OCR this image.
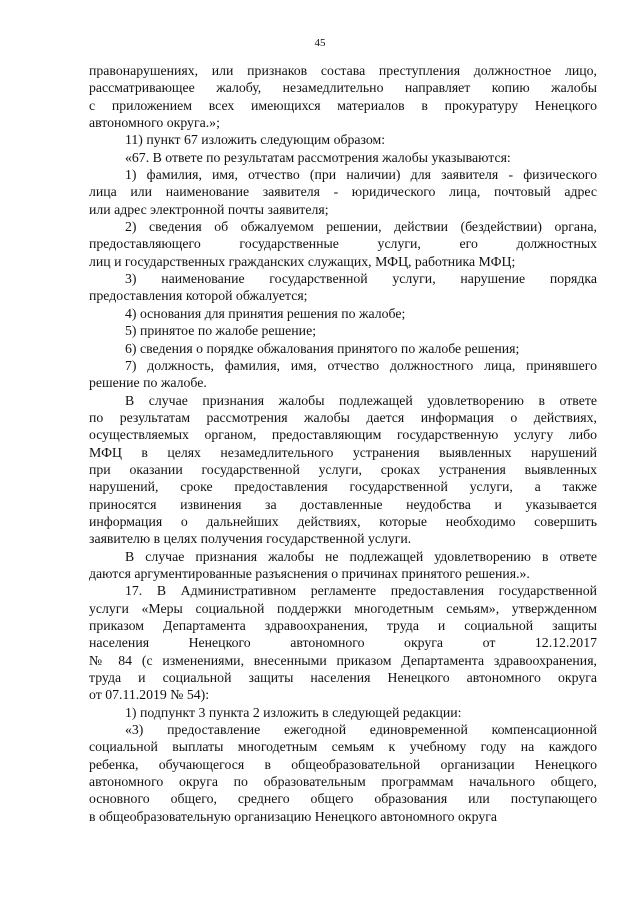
45
правонарушениях, или признаков состава преступления должностное лицо,
рассматривающее жалобу, незамедлительно направляет копию жалобы
с приложением всех имеющихся материалов в прокуратуру Ненецкого
автономного округа.»;
11) пункт 67 изложить следующим образом:
«67. В ответе по результатам рассмотрения жалобы указываются:
1) фамилия, имя, отчество (при наличии) для заявителя - физического
лица или наименование заявителя - юридического лица, почтовый адрес
или адрес электронной почты заявителя;
2) сведения об обжалуемом решении, действии (бездействии) органа,
предоставляющего государственные услуги, его должностных
лиц и государственных гражданских служащих, МФЦ, работника МФЦ;
3) наименование государственной услуги, нарушение порядка
предоставления которой обжалуется;
4) основания для принятия решения по жалобе;
5) принятое по жалобе решение;
6) сведения о порядке обжалования принятого по жалобе решения;
7) должность, фамилия, имя, отчество должностного лица, принявшего
решение по жалобе.
В случае признания жалобы подлежащей удовлетворению в ответе
по результатам рассмотрения жалобы дается информация о действиях,
осуществляемых органом, предоставляющим государственную услугу либо
МФЦ в целях незамедлительного устранения выявленных нарушений
при оказании государственной услуги, сроках устранения выявленных
нарушений, сроке предоставления государственной услуги, а также
приносятся извинения за доставленные неудобства и указывается
информация о дальнейших действиях, которые необходимо совершить
заявителю в целях получения государственной услуги.
В случае признания жалобы не подлежащей удовлетворению в ответе
даются аргументированные разъяснения о причинах принятого решения.».
17. В Административном регламенте предоставления государственной
услуги «Меры социальной поддержки многодетным семьям», утвержденном
приказом Департамента здравоохранения, труда и социальной защиты
населения Ненецкого автономного округа от 12.12.2017
№ 84 (с изменениями, внесенными приказом Департамента здравоохранения,
труда и социальной защиты населения Ненецкого автономного округа
от 07.11.2019 № 54):
1) подпункт 3 пункта 2 изложить в следующей редакции:
«3) предоставление ежегодной единовременной компенсационной
социальной выплаты многодетным семьям к учебному году на каждого
ребенка, обучающегося в общеобразовательной организации Ненецкого
автономного округа по образовательным программам начального общего,
основного общего, среднего общего образования или поступающего
в общеобразовательную организацию Ненецкого автономного округа
